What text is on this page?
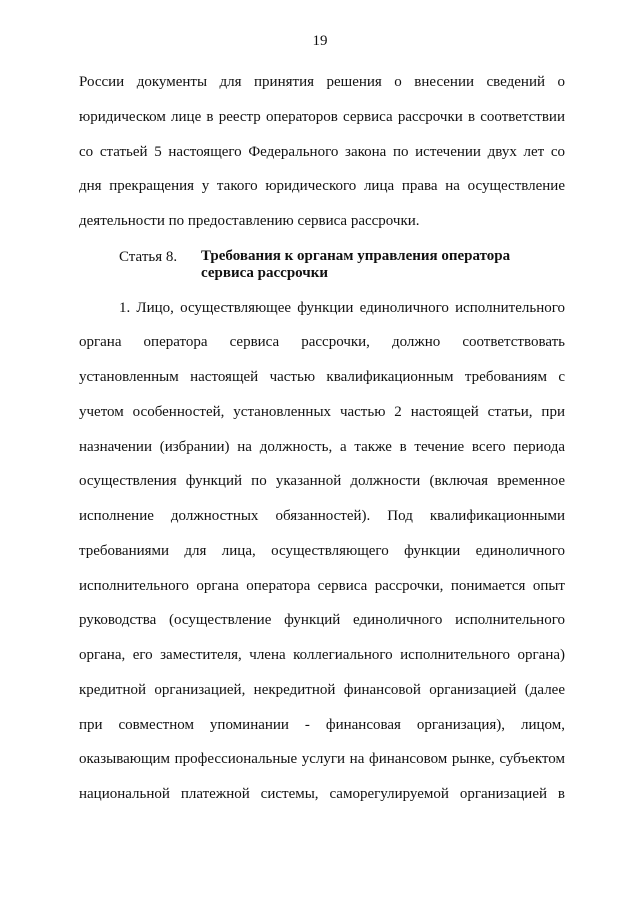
19
России документы для принятия решения о внесении сведений о
юридическом лице в реестр операторов сервиса рассрочки в соответствии
со статьей 5 настоящего Федерального закона по истечении двух лет со
дня прекращения у такого юридического лица права на осуществление
деятельности по предоставлению сервиса рассрочки.
Статья 8. Требования к органам управления оператора
сервиса рассрочки
1. Лицо, осуществляющее функции единоличного исполнительного
органа оператора сервиса рассрочки, должно соответствовать
установленным настоящей частью квалификационным требованиям с
учетом особенностей, установленных частью 2 настоящей статьи, при
назначении (избрании) на должность, а также в течение всего периода
осуществления функций по указанной должности (включая временное
исполнение должностных обязанностей). Под квалификационными
требованиями для лица, осуществляющего функции единоличного
исполнительного органа оператора сервиса рассрочки, понимается опыт
руководства (осуществление функций единоличного исполнительного
органа, его заместителя, члена коллегиального исполнительного органа)
кредитной организацией, некредитной финансовой организацией (далее
при совместном упоминании - финансовая организация), лицом,
оказывающим профессиональные услуги на финансовом рынке, субъектом
национальной платежной системы, саморегулируемой организацией в
